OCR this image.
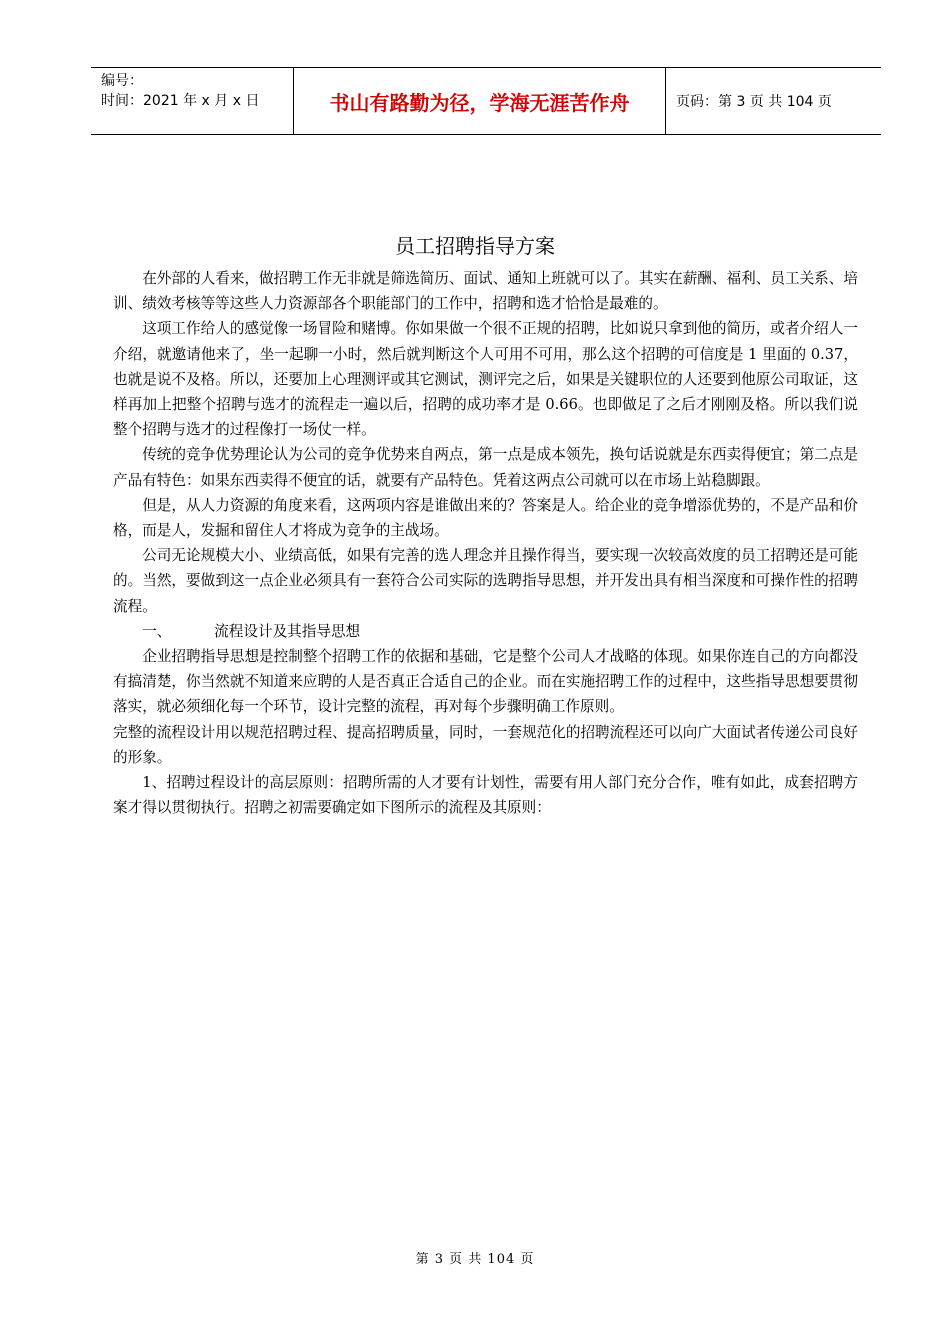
编号：
时间：2021 年 x 月 x 日	书山有路勤为径，学海无涯苦作舟	页码：第 3 页 共 104 页
员工招聘指导方案

在外部的人看来，做招聘工作无非就是筛选简历、面试、通知上班就可以了。其实在薪酬、福利、员工关系、培训、绩效考核等等这些人力资源部各个职能部门的工作中，招聘和选才恰恰是最难的。

这项工作给人的感觉像一场冒险和赌博。你如果做一个很不正规的招聘，比如说只拿到他的简历，或者介绍人一介绍，就邀请他来了，坐一起聊一小时，然后就判断这个人可用不可用，那么这个招聘的可信度是 1 里面的 0.37，也就是说不及格。所以，还要加上心理测评或其它测试，测评完之后，如果是关键职位的人还要到他原公司取证，这样再加上把整个招聘与选才的流程走一遍以后，招聘的成功率才是 0.66。也即做足了之后才刚刚及格。所以我们说整个招聘与选才的过程像打一场仗一样。

传统的竞争优势理论认为公司的竞争优势来自两点，第一点是成本领先，换句话说就是东西卖得便宜；第二点是产品有特色：如果东西卖得不便宜的话，就要有产品特色。凭着这两点公司就可以在市场上站稳脚跟。

但是，从人力资源的角度来看，这两项内容是谁做出来的？答案是人。给企业的竞争增添优势的，不是产品和价格，而是人，发掘和留住人才将成为竞争的主战场。

公司无论规模大小、业绩高低，如果有完善的选人理念并且操作得当，要实现一次较高效度的员工招聘还是可能的。当然，要做到这一点企业必须具有一套符合公司实际的选聘指导思想，并开发出具有相当深度和可操作性的招聘流程。

一、	流程设计及其指导思想

企业招聘指导思想是控制整个招聘工作的依据和基础，它是整个公司人才战略的体现。如果你连自己的方向都没有搞清楚，你当然就不知道来应聘的人是否真正合适自己的企业。而在实施招聘工作的过程中，这些指导思想要贯彻落实，就必须细化每一个环节，设计完整的流程，再对每个步骤明确工作原则。

完整的流程设计用以规范招聘过程、提高招聘质量，同时，一套规范化的招聘流程还可以向广大面试者传递公司良好的形象。

1、招聘过程设计的高层原则：招聘所需的人才要有计划性，需要有用人部门充分合作，唯有如此，成套招聘方案才得以贯彻执行。招聘之初需要确定如下图所示的流程及其原则：

第 3 页 共 104 页
